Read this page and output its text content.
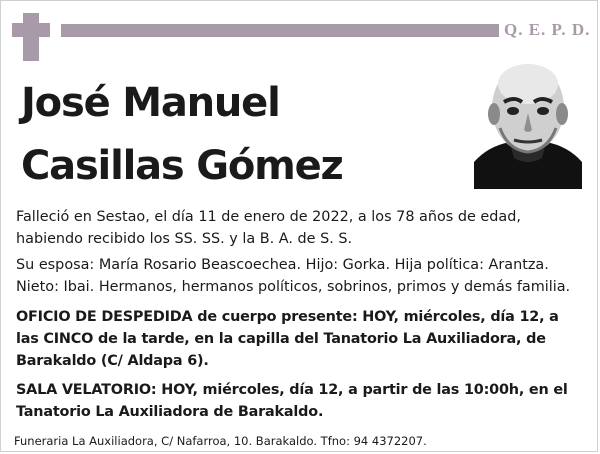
Q. E. P. D.
José Manuel
Casillas Gómez
Falleció en Sestao, el día 11 de enero de 2022, a los 78 años de edad, habiendo recibido los SS. SS. y la B. A. de S. S.
Su esposa: María Rosario Beascoechea. Hijo: Gorka. Hija política: Arantza. Nieto: Ibai. Hermanos, hermanos políticos, sobrinos, primos y demás familia.
OFICIO DE DESPEDIDA de cuerpo presente: HOY, miércoles, día 12, a las CINCO de la tarde, en la capilla del Tanatorio La Auxiliadora, de Barakaldo (C/ Aldapa 6).
SALA VELATORIO: HOY, miércoles, día 12, a partir de las 10:00h, en el Tanatorio La Auxiliadora de Barakaldo.
Funeraria La Auxiliadora, C/ Nafarroa, 10. Barakaldo. Tfno: 94 4372207.
